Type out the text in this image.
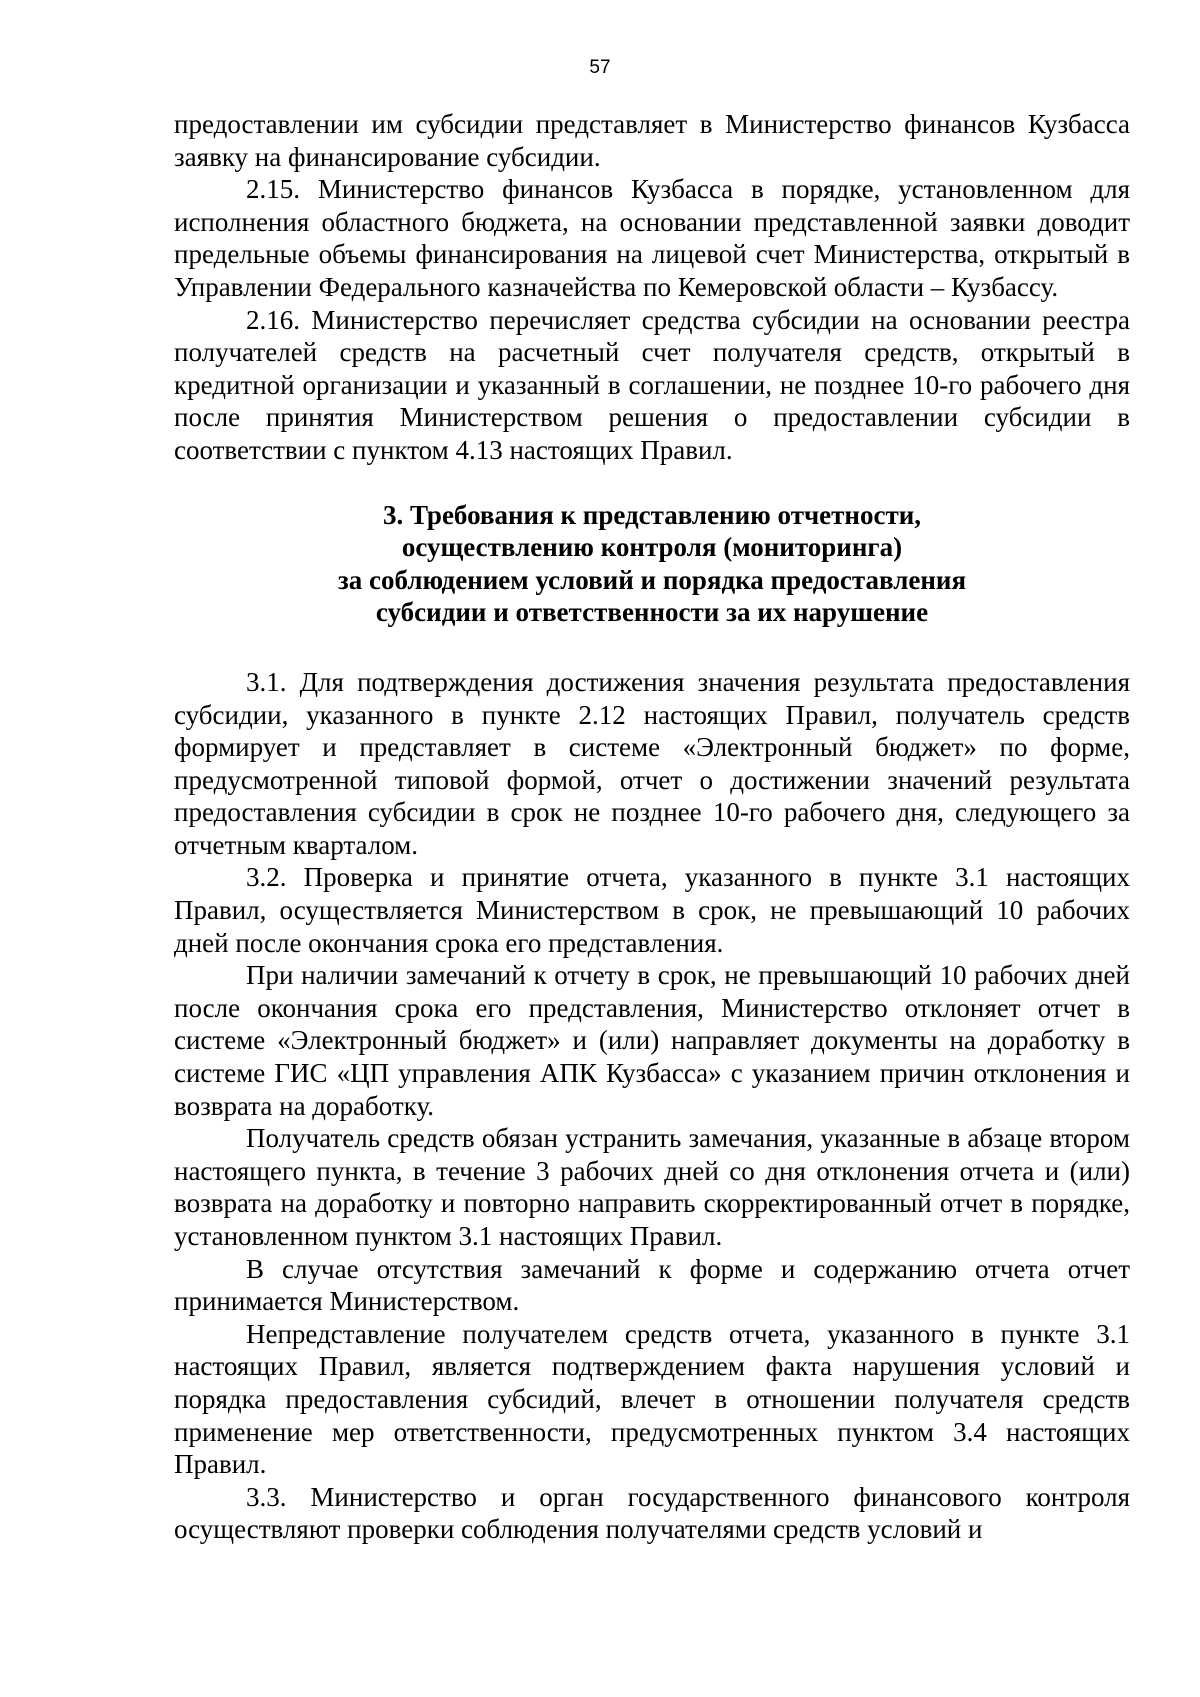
57

предоставлении им субсидии представляет в Министерство финансов Кузбасса заявку на финансирование субсидии.

2.15. Министерство финансов Кузбасса в порядке, установленном для исполнения областного бюджета, на основании представленной заявки доводит предельные объемы финансирования на лицевой счет Министерства, открытый в Управлении Федерального казначейства по Кемеровской области – Кузбассу.

2.16. Министерство перечисляет средства субсидии на основании реестра получателей средств на расчетный счет получателя средств, открытый в кредитной организации и указанный в соглашении, не позднее 10-го рабочего дня после принятия Министерством решения о предоставлении субсидии в соответствии с пунктом 4.13 настоящих Правил.

3. Требования к представлению отчетности,
осуществлению контроля (мониторинга)
за соблюдением условий и порядка предоставления
субсидии и ответственности за их нарушение

3.1. Для подтверждения достижения значения результата предоставления субсидии, указанного в пункте 2.12 настоящих Правил, получатель средств формирует и представляет в системе «Электронный бюджет» по форме, предусмотренной типовой формой, отчет о достижении значений результата предоставления субсидии в срок не позднее 10-го рабочего дня, следующего за отчетным кварталом.

3.2. Проверка и принятие отчета, указанного в пункте 3.1 настоящих Правил, осуществляется Министерством в срок, не превышающий 10 рабочих дней после окончания срока его представления.

При наличии замечаний к отчету в срок, не превышающий 10 рабочих дней после окончания срока его представления, Министерство отклоняет отчет в системе «Электронный бюджет» и (или) направляет документы на доработку в системе ГИС «ЦП управления АПК Кузбасса» с указанием причин отклонения и возврата на доработку.

Получатель средств обязан устранить замечания, указанные в абзаце втором настоящего пункта, в течение 3 рабочих дней со дня отклонения отчета и (или) возврата на доработку и повторно направить скорректированный отчет в порядке, установленном пунктом 3.1 настоящих Правил.

В случае отсутствия замечаний к форме и содержанию отчета отчет принимается Министерством.

Непредставление получателем средств отчета, указанного в пункте 3.1 настоящих Правил, является подтверждением факта нарушения условий и порядка предоставления субсидий, влечет в отношении получателя средств применение мер ответственности, предусмотренных пунктом 3.4 настоящих Правил.

3.3. Министерство и орган государственного финансового контроля осуществляют проверки соблюдения получателями средств условий и
